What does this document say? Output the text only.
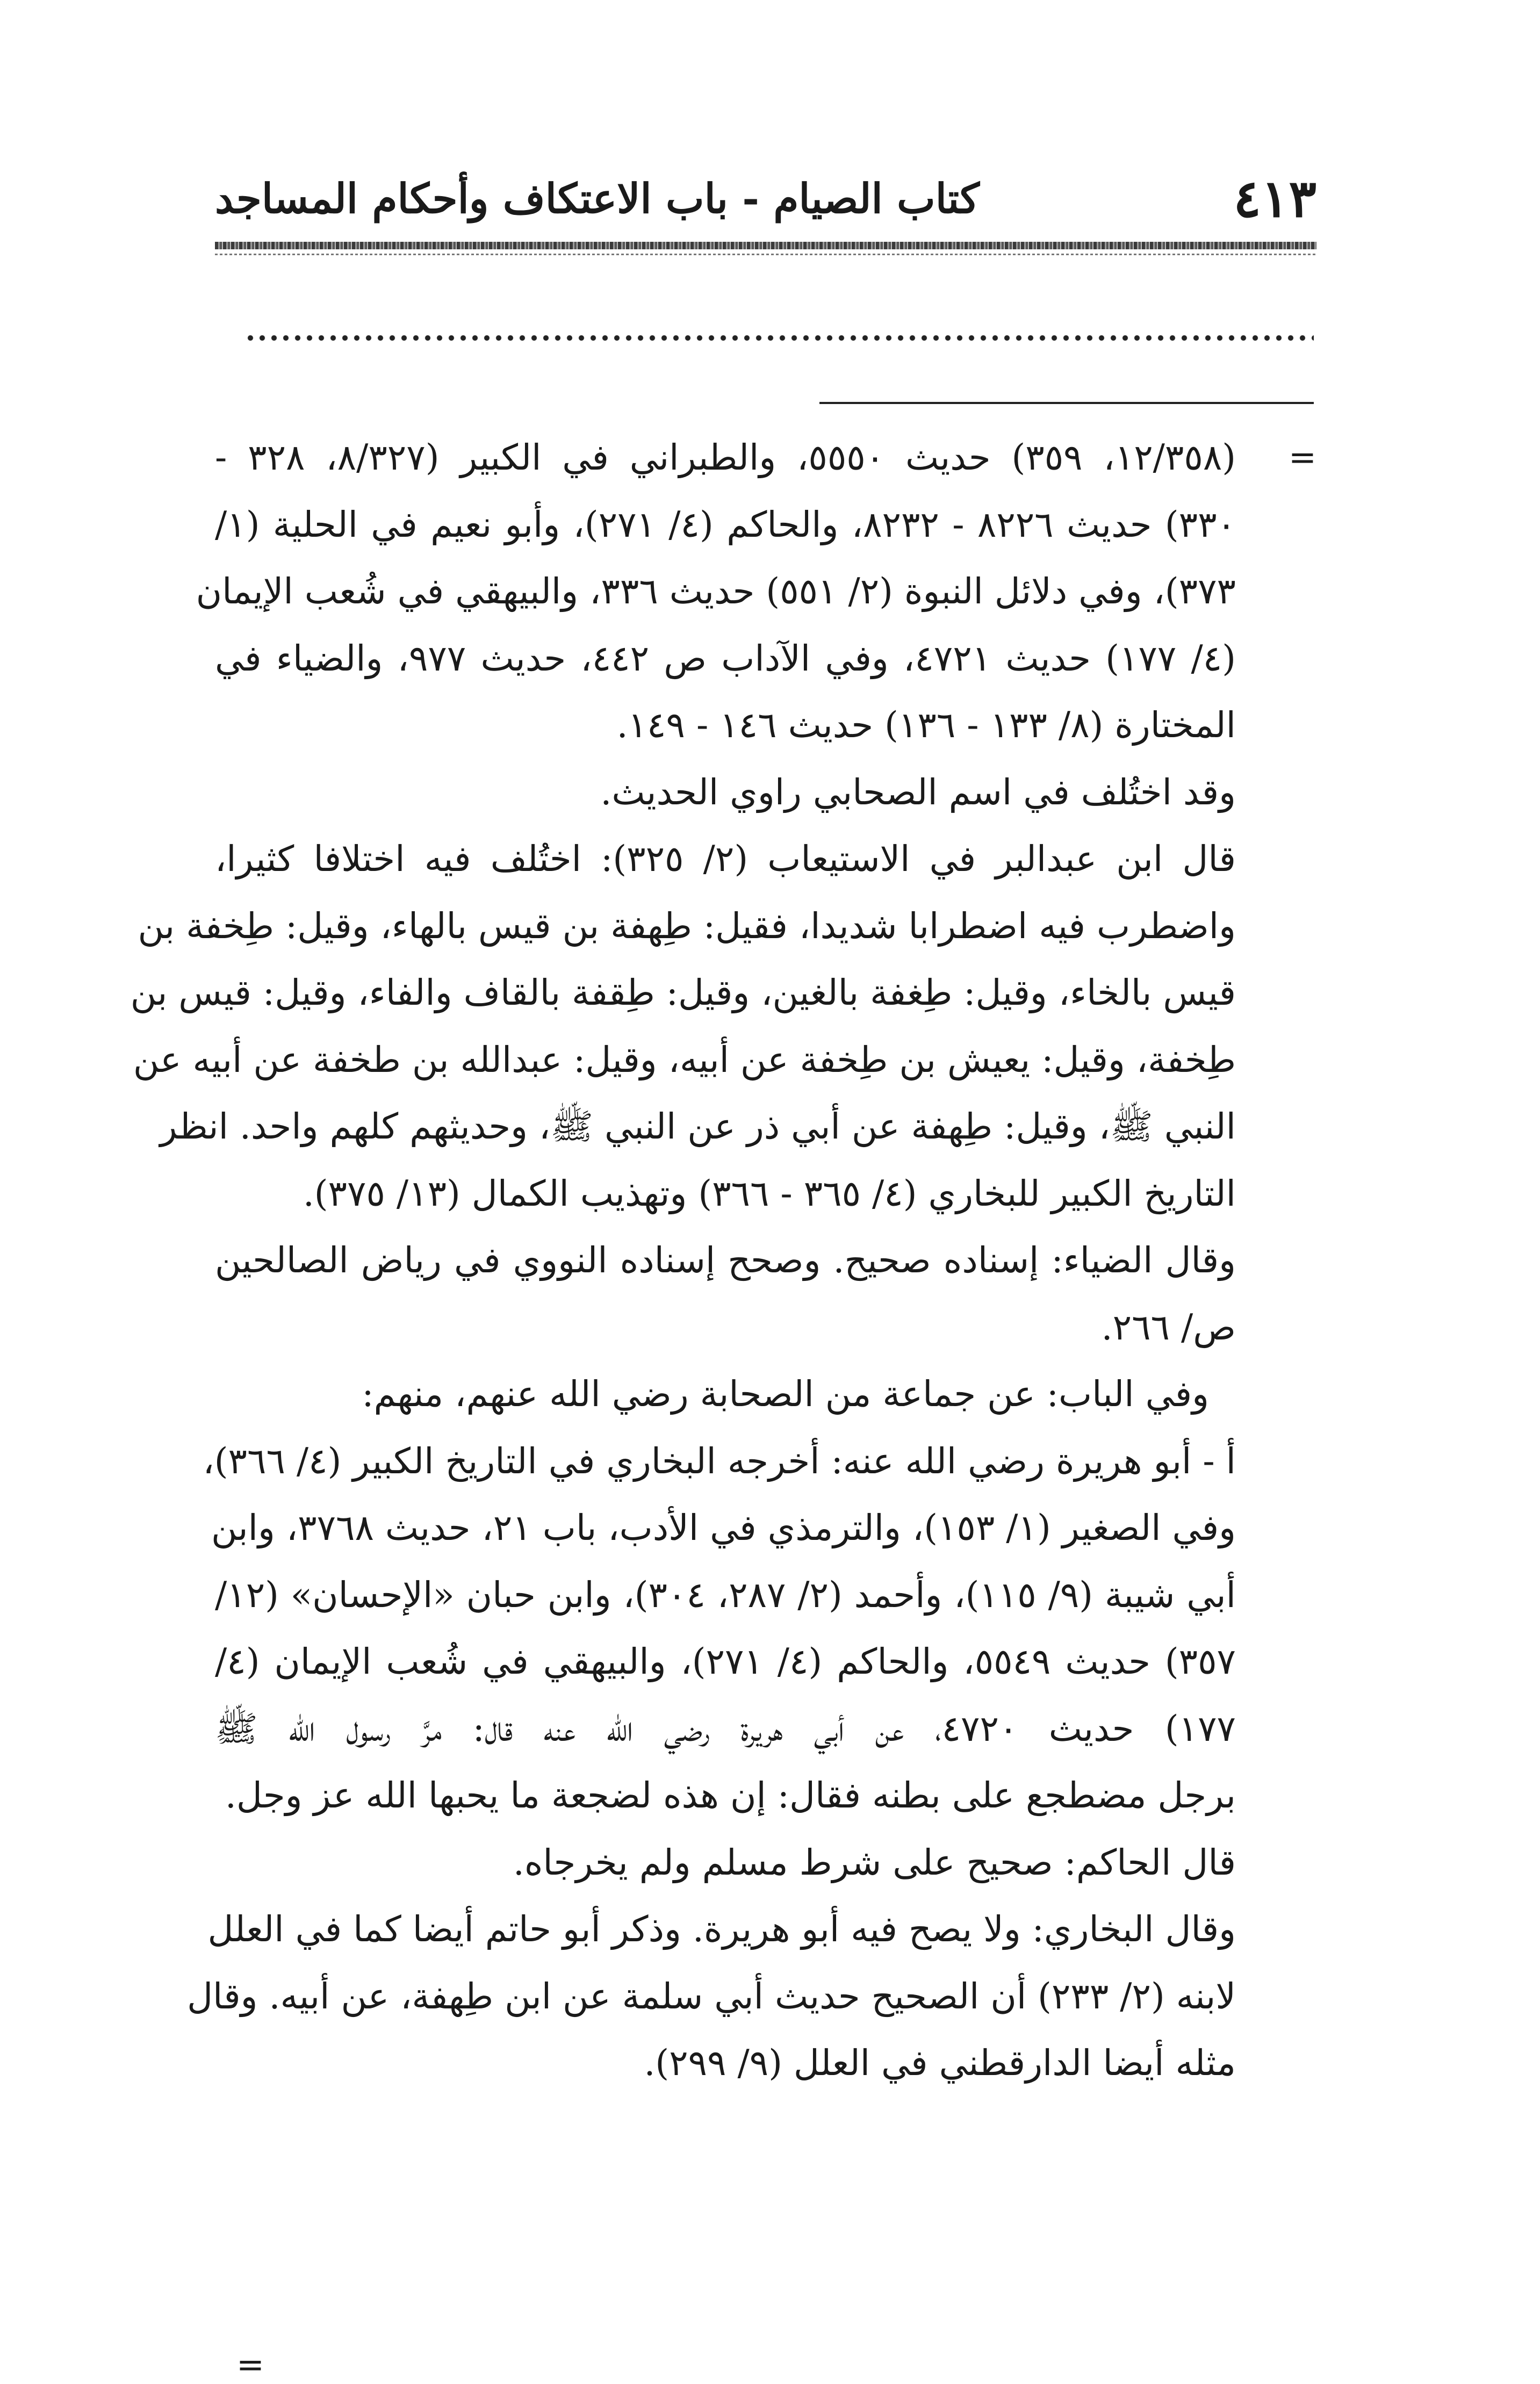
٤١٣
كتاب الصيام - باب الاعتكاف وأحكام المساجد
=
(١٢/٣٥٨، ٣٥٩) حديث ٥٥٥٠، والطبراني في الكبير (٨/٣٢٧، ٣٢٨ -
٣٣٠) حديث ٨٢٢٦ - ٨٢٣٢، والحاكم (٤/ ٢٧١)، وأبو نعيم في الحلية (١/
٣٧٣)، وفي دلائل النبوة (٢/ ٥٥١) حديث ٣٣٦، والبيهقي في شُعب الإيمان
(٤/ ١٧٧) حديث ٤٧٢١، وفي الآداب ص ٤٤٢، حديث ٩٧٧، والضياء في
المختارة (٨/ ١٣٣ - ١٣٦) حديث ١٤٦ - ١٤٩.
وقد اختُلف في اسم الصحابي راوي الحديث.
قال ابن عبدالبر في الاستيعاب (٢/ ٣٢٥): اختُلف فيه اختلافا كثيرا،
واضطرب فيه اضطرابا شديدا، فقيل: طِهفة بن قيس بالهاء، وقيل: طِخفة بن
قيس بالخاء، وقيل: طِغفة بالغين، وقيل: طِقفة بالقاف والفاء، وقيل: قيس بن
طِخفة، وقيل: يعيش بن طِخفة عن أبيه، وقيل: عبدالله بن طخفة عن أبيه عن
النبي ﷺ، وقيل: طِهفة عن أبي ذر عن النبي ﷺ، وحديثهم كلهم واحد. انظر
التاريخ الكبير للبخاري (٤/ ٣٦٥ - ٣٦٦) وتهذيب الكمال (١٣/ ٣٧٥).
وقال الضياء: إسناده صحيح. وصحح إسناده النووي في رياض الصالحين
ص/ ٢٦٦.
وفي الباب: عن جماعة من الصحابة رضي الله عنهم، منهم:
أ - أبو هريرة رضي الله عنه: أخرجه البخاري في التاريخ الكبير (٤/ ٣٦٦)،
وفي الصغير (١/ ١٥٣)، والترمذي في الأدب، باب ٢١، حديث ٣٧٦٨، وابن
أبي شيبة (٩/ ١١٥)، وأحمد (٢/ ٢٨٧، ٣٠٤)، وابن حبان «الإحسان» (١٢/
٣٥٧) حديث ٥٥٤٩، والحاكم (٤/ ٢٧١)، والبيهقي في شُعب الإيمان (٤/
١٧٧) حديث ٤٧٢٠، عن أبي هريرة رضي الله عنه قال: مرَّ رسول الله ﷺ
برجل مضطجع على بطنه فقال: إن هذه لضجعة ما يحبها الله عز وجل.
قال الحاكم: صحيح على شرط مسلم ولم يخرجاه.
وقال البخاري: ولا يصح فيه أبو هريرة. وذكر أبو حاتم أيضا كما في العلل
لابنه (٢/ ٢٣٣) أن الصحيح حديث أبي سلمة عن ابن طِهفة، عن أبيه. وقال
مثله أيضا الدارقطني في العلل (٩/ ٢٩٩).
=
